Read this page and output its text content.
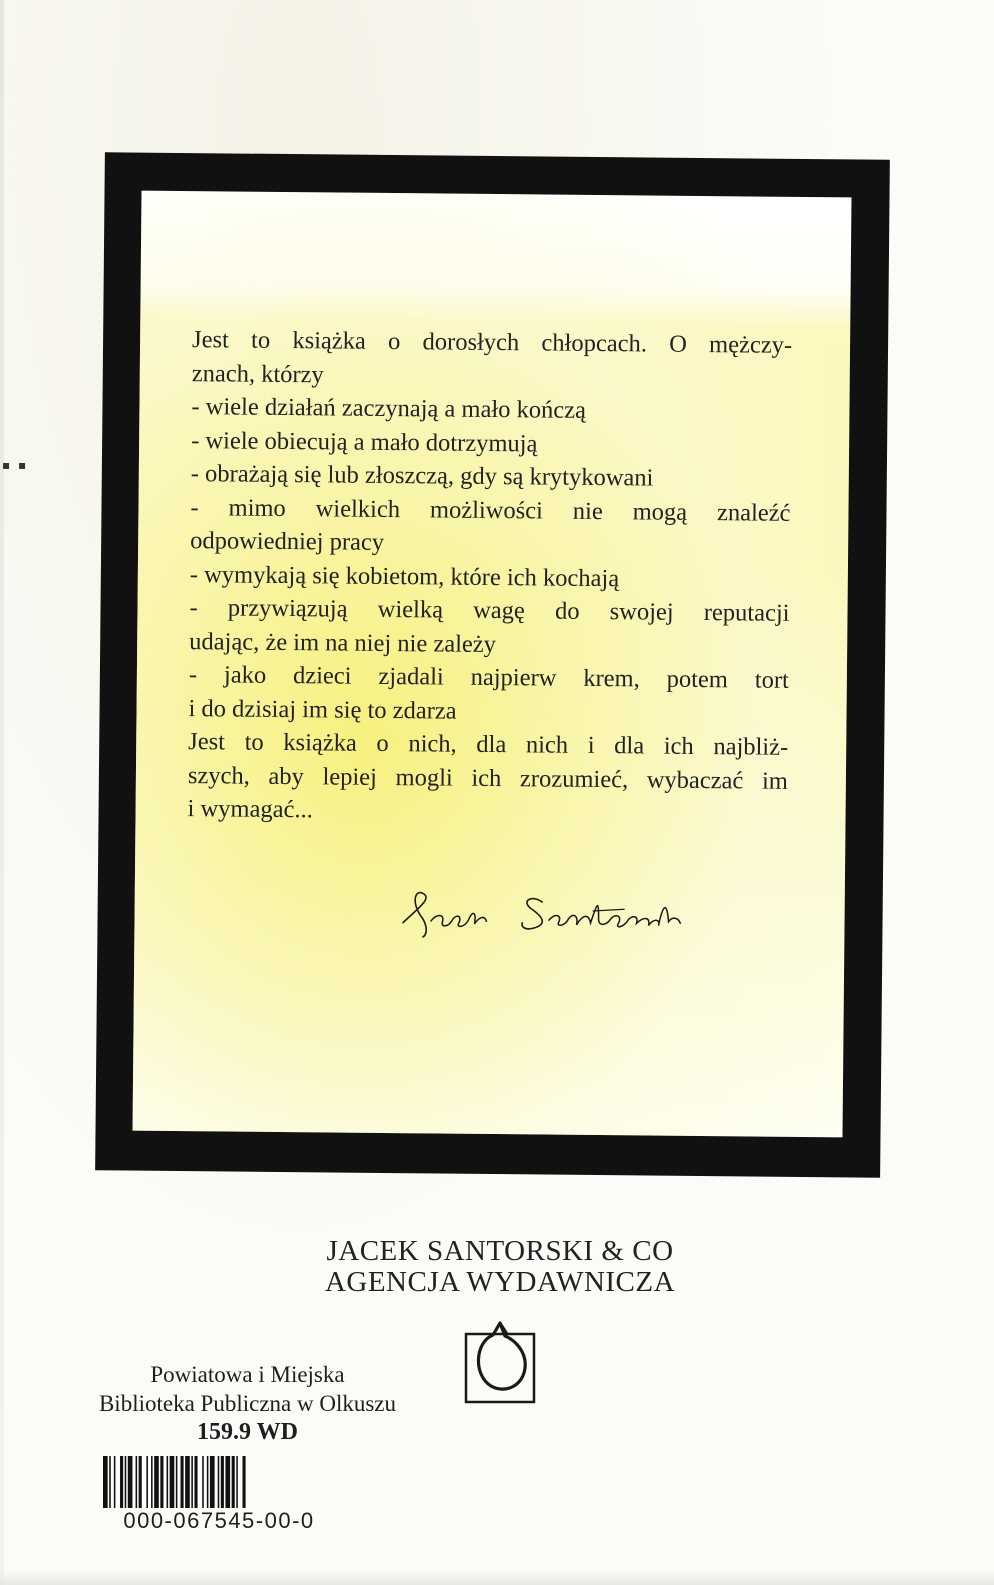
▪ ▪
Jest to książka o dorosłych chłopcach. O mężczy-
znach, którzy
- wiele działań zaczynają a mało kończą
- wiele obiecują a mało dotrzymują
- obrażają się lub złoszczą, gdy są krytykowani
- mimo wielkich możliwości nie mogą znaleźć
odpowiedniej pracy
- wymykają się kobietom, które ich kochają
- przywiązują wielką wagę do swojej reputacji
udając, że im na niej nie zależy
- jako dzieci zjadali najpierw krem, potem tort
i do dzisiaj im się to zdarza
Jest to książka o nich, dla nich i dla ich najbliż-
szych, aby lepiej mogli ich zrozumieć, wybaczać im
i wymagać...
JACEK SANTORSKI & CO
AGENCJA WYDAWNICZA
Powiatowa i Miejska
Biblioteka Publiczna w Olkuszu
159.9 WD
000-067545-00-0
